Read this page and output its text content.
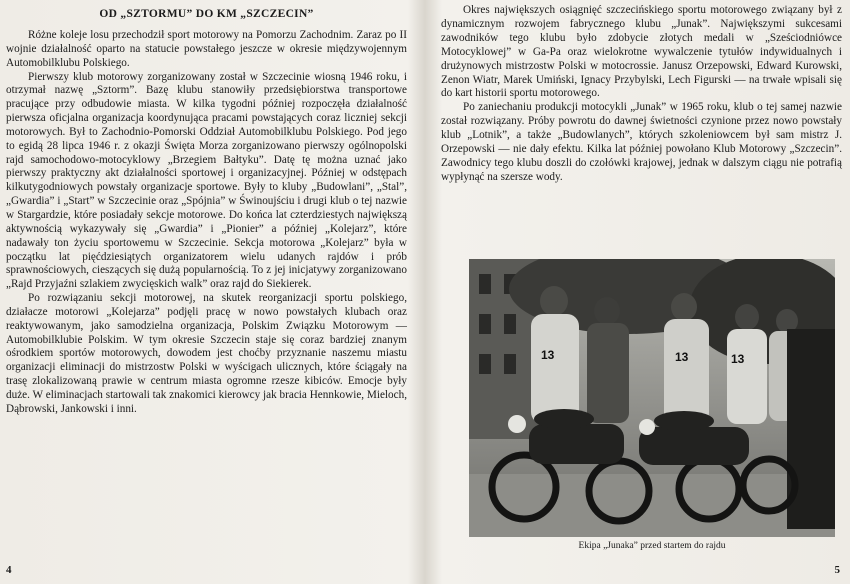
OD „SZTORMU” DO KM „SZCZECIN”

Różne koleje losu przechodził sport motorowy na Pomorzu Zachodnim. Zaraz po II wojnie działalność oparto na statucie powstałego jeszcze w okresie międzywojennym Automobilklubu Polskiego.

Pierwszy klub motorowy zorganizowany został w Szczecinie wiosną 1946 roku, i otrzymał nazwę „Sztorm”. Bazę klubu stanowiły przedsiębiorstwa transportowe pracujące przy odbudowie miasta. W kilka tygodni później rozpoczęła działalność pierwsza oficjalna organizacja koordynująca pracami powstających coraz liczniej sekcji motorowych. Był to Zachodnio-Pomorski Oddział Automobilklubu Polskiego. Pod jego to egidą 28 lipca 1946 r. z okazji Święta Morza zorganizowano pierwszy ogólnopolski rajd samochodowo-motocyklowy „Brzegiem Bałtyku”. Datę tę można uznać jako pierwszy praktyczny akt działalności sportowej i organizacyjnej. Później w odstępach kilkutygodniowych powstały organizacje sportowe. Były to kluby „Budowlani”, „Stal”, „Gwardia” i „Start” w Szczecinie oraz „Spójnia” w Świnoujściu i drugi klub o tej nazwie w Stargardzie, które posiadały sekcje motorowe. Do końca lat czterdziestych największą aktywnością wykazywały się „Gwardia” i „Pionier” a później „Kolejarz”, które nadawały ton życiu sportowemu w Szczecinie. Sekcja motorowa „Kolejarz” była w początku lat pięćdziesiątych organizatorem wielu udanych rajdów i prób sprawnościowych, cieszących się dużą popularnością. To z jej inicjatywy zorganizowano „Rajd Przyjaźni szlakiem zwycięskich walk” oraz rajd do Siekierek.

Po rozwiązaniu sekcji motorowej, na skutek reorganizacji sportu polskiego, działacze motorowi „Kolejarza” podjęli pracę w nowo powstałych klubach oraz reaktywowanym, jako samodzielna organizacja, Polskim Związku Motorowym — Automobilklubie Polskim. W tym okresie Szczecin staje się coraz bardziej znanym ośrodkiem sportów motorowych, dowodem jest choćby przyznanie naszemu miastu organizacji eliminacji do mistrzostw Polski w wyścigach ulicznych, które ściągały na trasę zlokalizowaną prawie w centrum miasta ogromne rzesze kibiców. Emocje były duże. W eliminacjach startowali tak znakomici kierowcy jak bracia Hennkowie, Mieloch, Dąbrowski, Jankowski i inni.

4

Okres największych osiągnięć szczecińskiego sportu motorowego związany był z dynamicznym rozwojem fabrycznego klubu „Junak”. Największymi sukcesami zawodników tego klubu było zdobycie złotych medali w „Sześciodniówce Motocyklowej” w Ga-Pa oraz wielokrotne wywalczenie tytułów indywidualnych i drużynowych mistrzostw Polski w motocrossie. Janusz Orzepowski, Edward Kurowski, Zenon Wiatr, Marek Umiński, Ignacy Przybylski, Lech Figurski — na trwałe wpisali się do kart historii sportu motorowego.

Po zaniechaniu produkcji motocykli „Junak” w 1965 roku, klub o tej samej nazwie został rozwiązany. Próby powrotu do dawnej świetności czynione przez nowo powstały klub „Lotnik”, a także „Budowlanych”, których szkoleniowcem był sam mistrz J. Orzepowski — nie dały efektu. Kilka lat później powołano Klub Motorowy „Szczecin”. Zawodnicy tego klubu doszli do czołówki krajowej, jednak w dalszym ciągu nie potrafią wypłynąć na szersze wody.

13	13	13
Ekipa „Junaka” przed startem do rajdu
5
